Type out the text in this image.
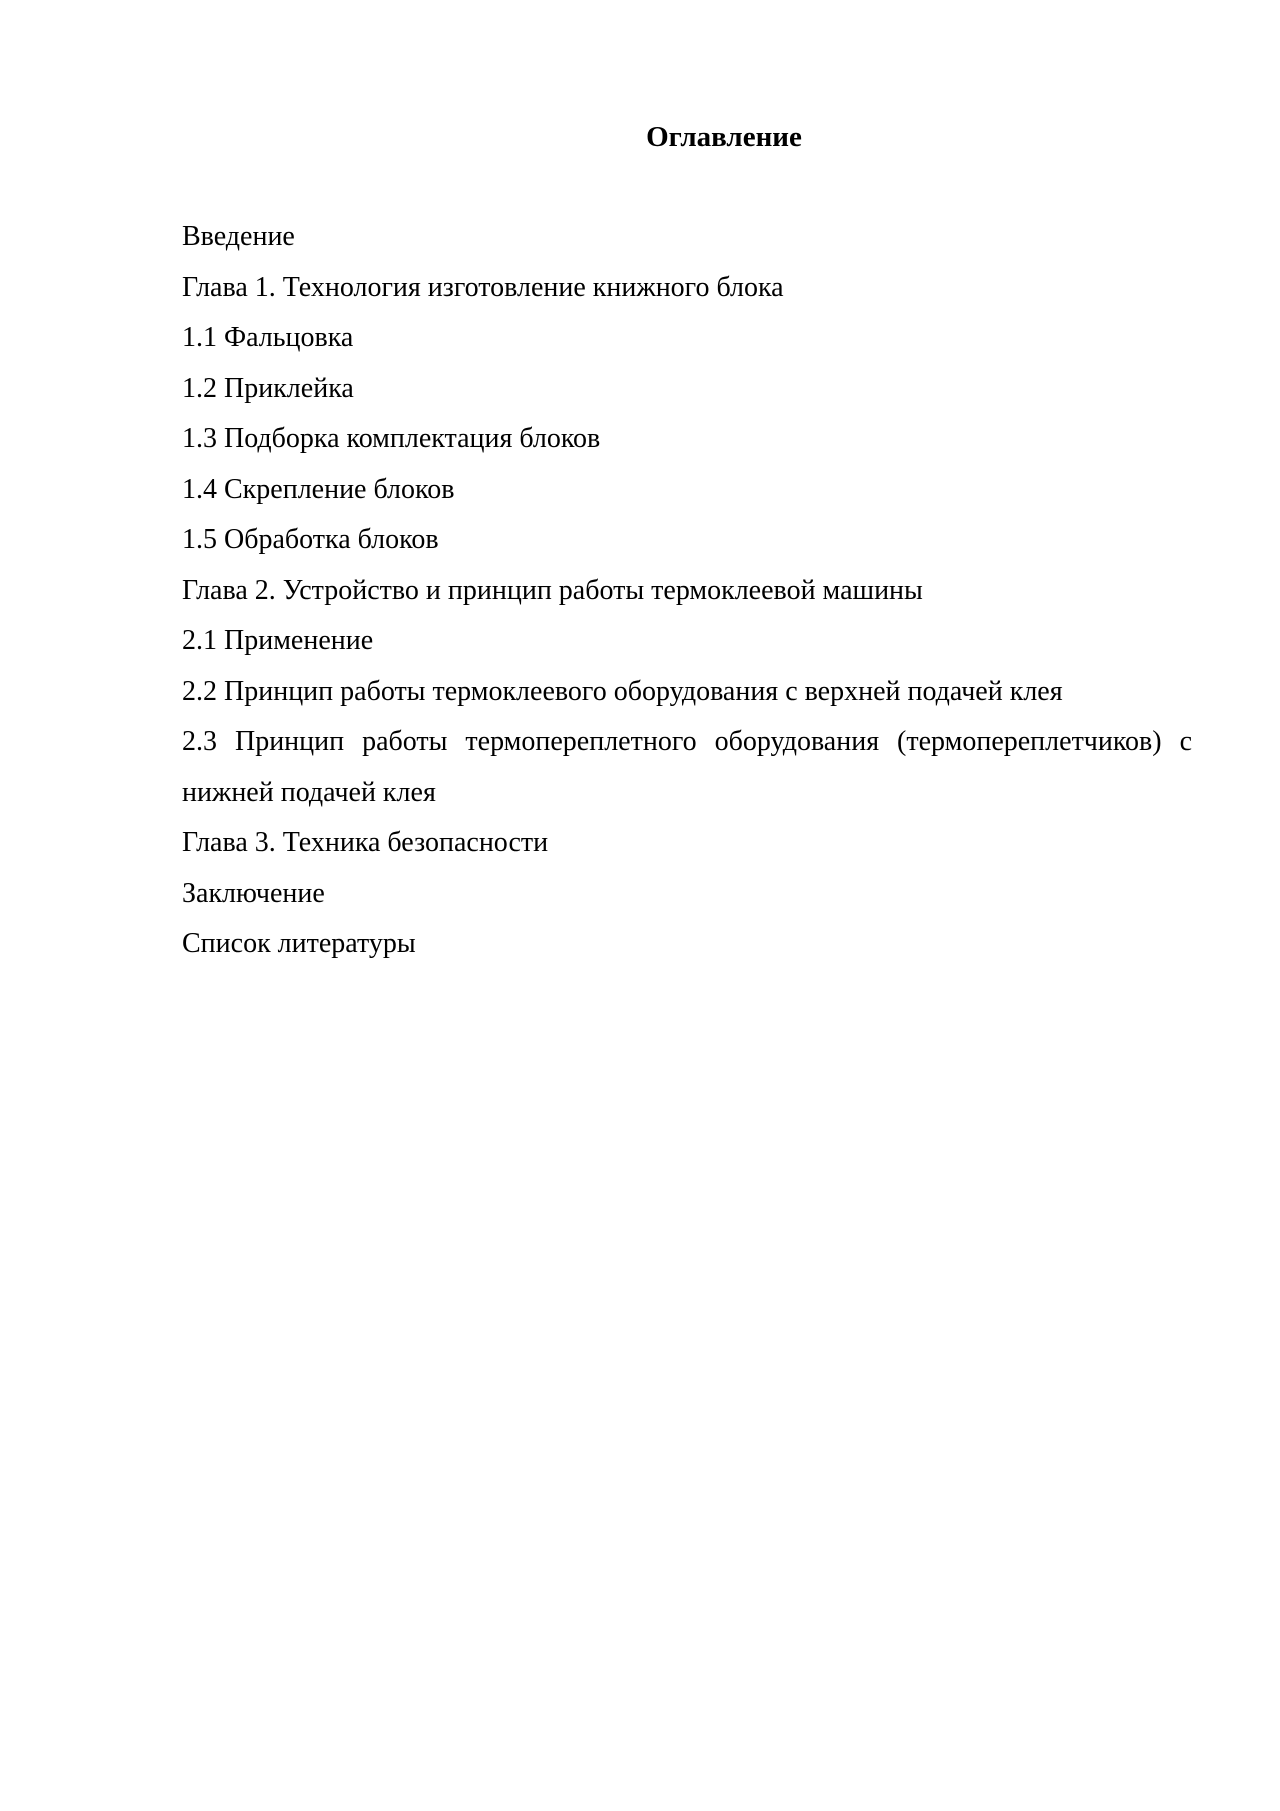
Оглавление
Введение
Глава 1. Технология изготовление книжного блока
1.1 Фальцовка
1.2 Приклейка
1.3 Подборка комплектация блоков
1.4 Скрепление блоков
1.5 Обработка блоков
Глава 2. Устройство и принцип работы термоклеевой машины
2.1 Применение
2.2 Принцип работы термоклеевого оборудования с верхней подачей клея
2.3 Принцип работы термопереплетного оборудования (термопереплетчиков) с нижней подачей клея
Глава 3. Техника безопасности
Заключение
Список литературы
